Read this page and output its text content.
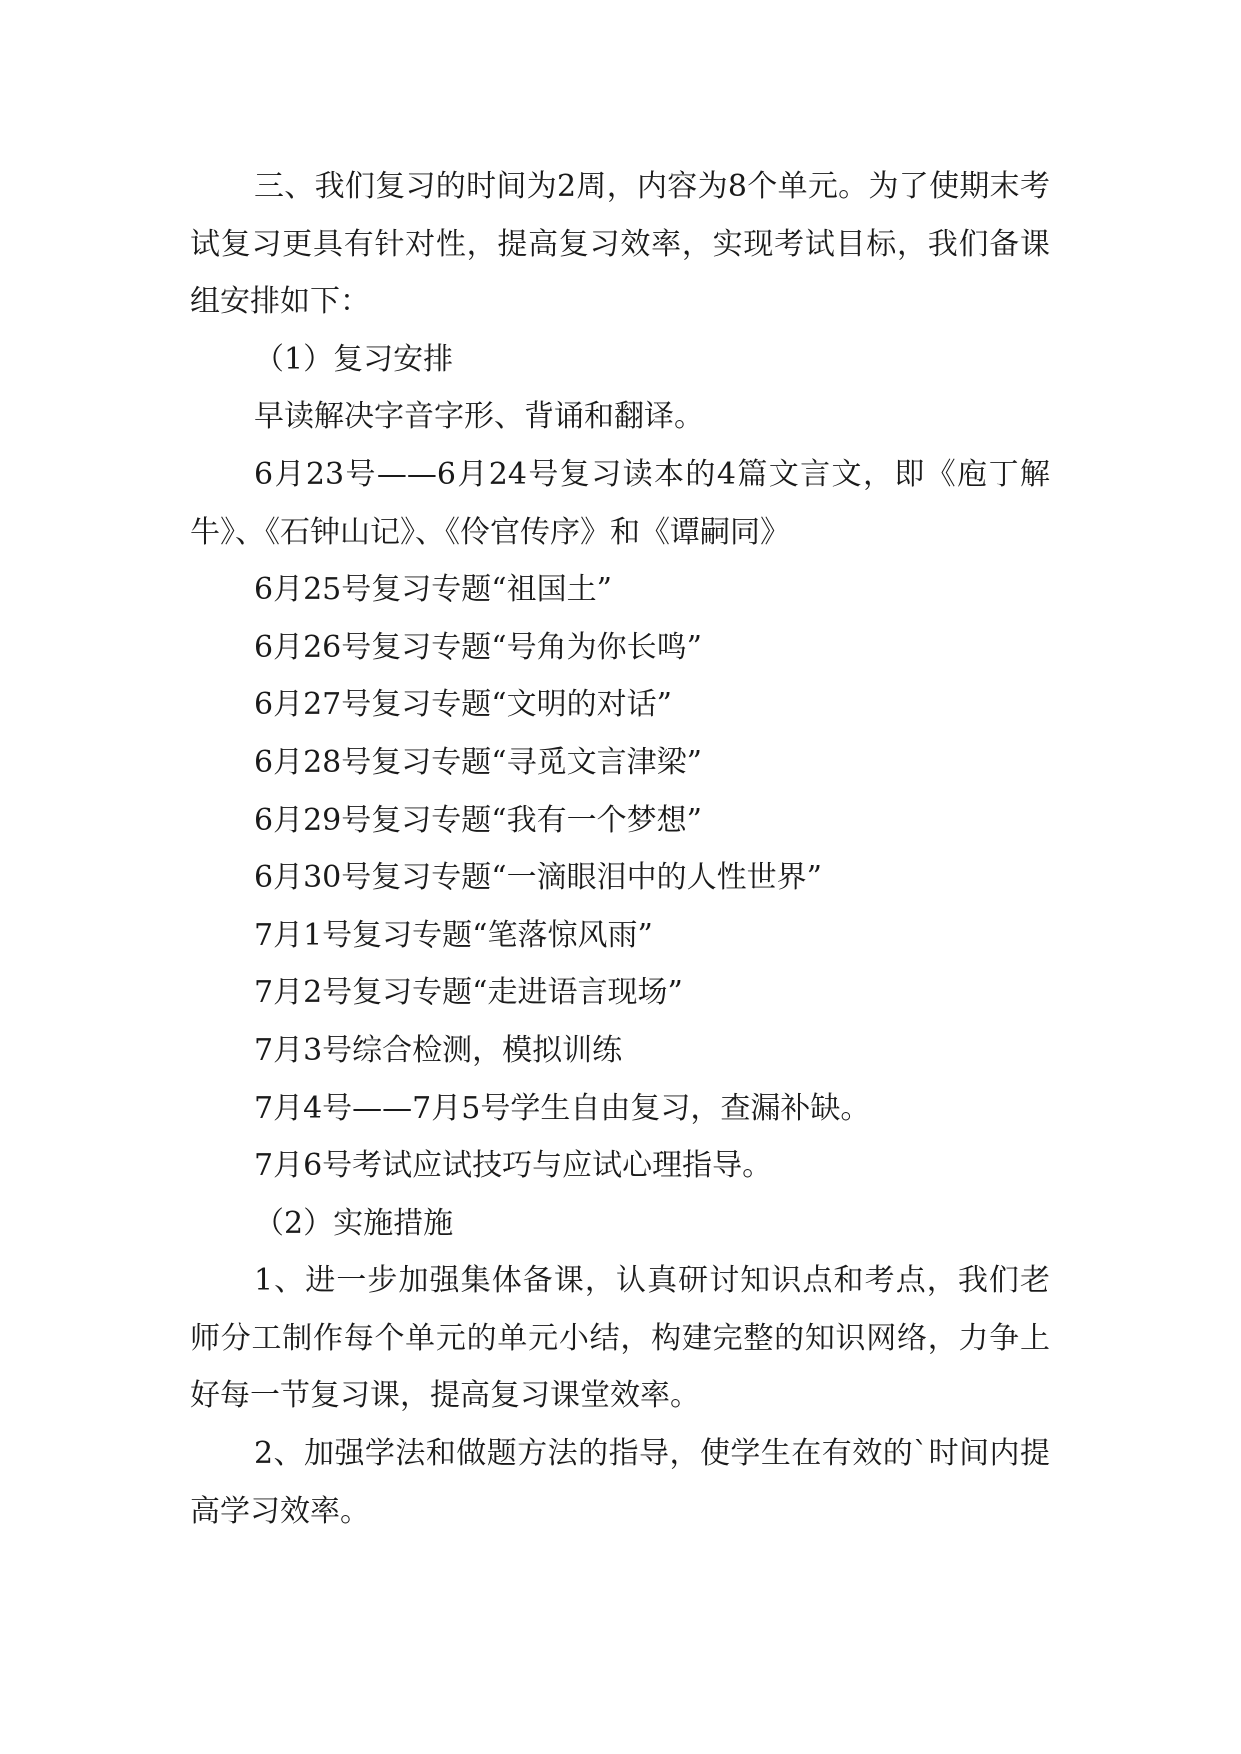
三、我们复习的时间为2周，内容为8个单元。为了使期末考试复习更具有针对性，提高复习效率，实现考试目标，我们备课组安排如下：

（1）复习安排

早读解决字音字形、背诵和翻译。

6月23号——6月24号复习读本的4篇文言文，即《庖丁解牛》、《石钟山记》、《伶官传序》和《谭嗣同》

6月25号复习专题“祖国土”

6月26号复习专题“号角为你长鸣”

6月27号复习专题“文明的对话”

6月28号复习专题“寻觅文言津梁”

6月29号复习专题“我有一个梦想”

6月30号复习专题“一滴眼泪中的人性世界”

7月1号复习专题“笔落惊风雨”

7月2号复习专题“走进语言现场”

7月3号综合检测，模拟训练

7月4号——7月5号学生自由复习，查漏补缺。

7月6号考试应试技巧与应试心理指导。

（2）实施措施

1、进一步加强集体备课，认真研讨知识点和考点，我们老师分工制作每个单元的单元小结，构建完整的知识网络，力争上好每一节复习课，提高复习课堂效率。

2、加强学法和做题方法的指导，使学生在有效的`时间内提高学习效率。
